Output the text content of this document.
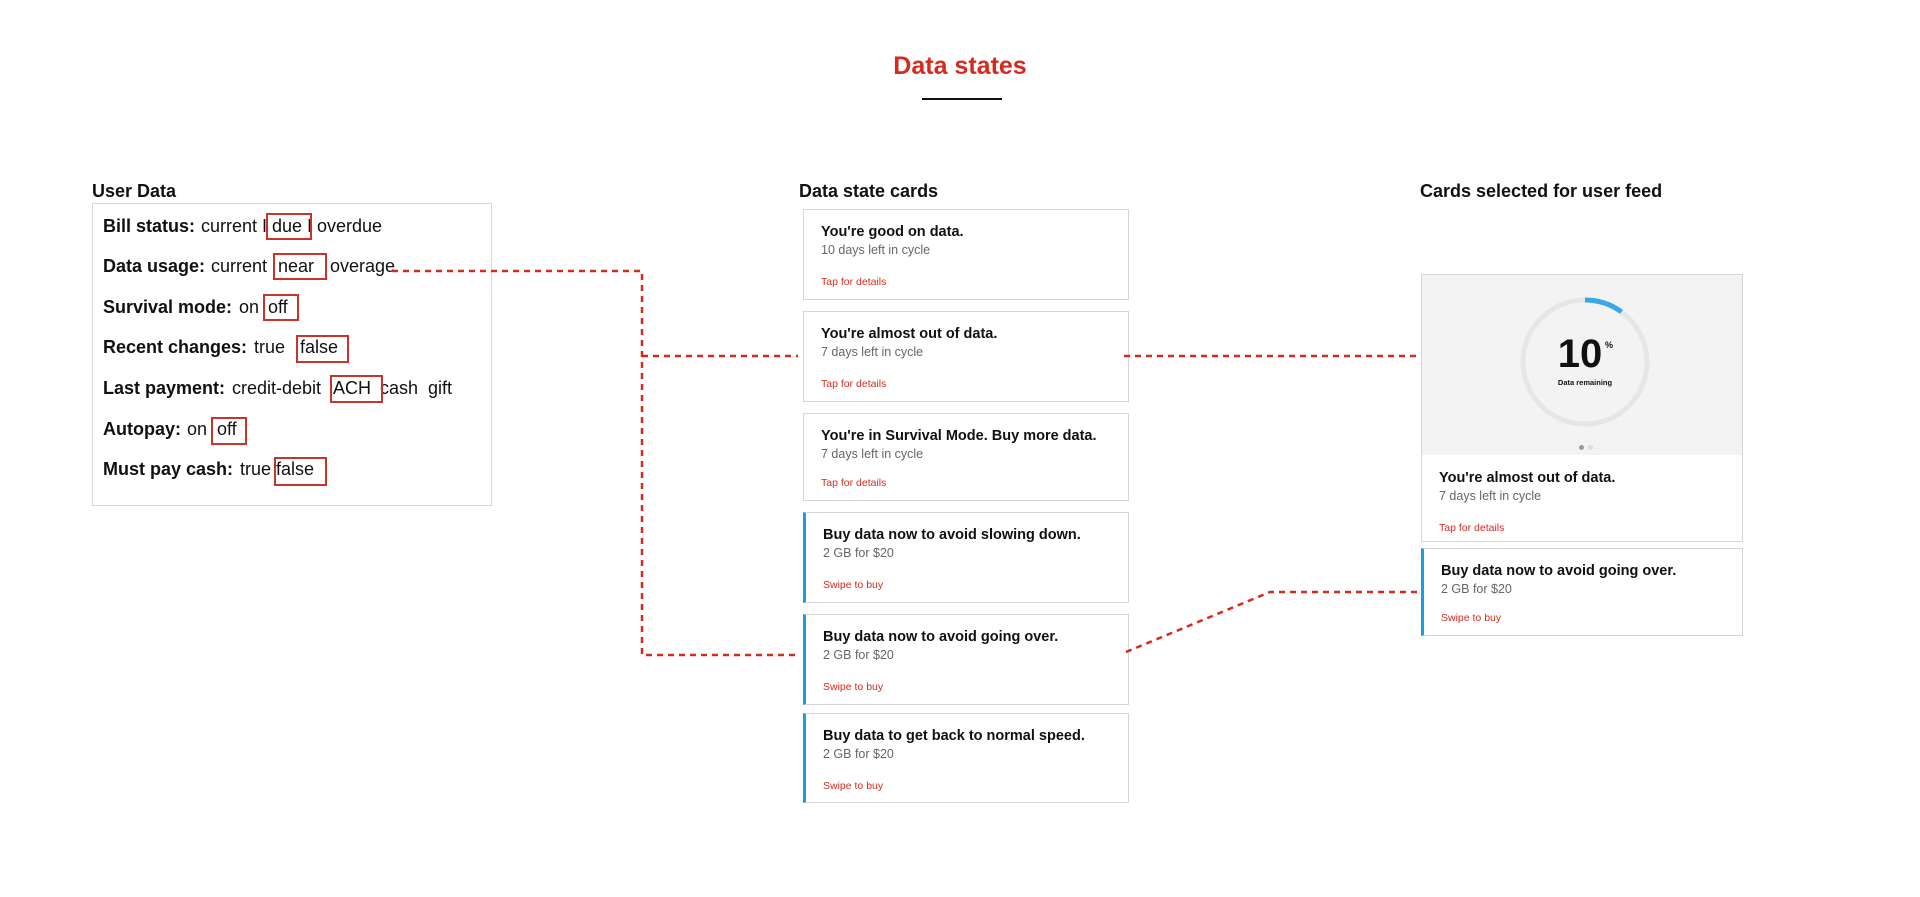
Data states
User Data	Data state cards	Cards selected for user feed
Bill status: current I due I overdue
Data usage: current near overage
Survival mode: on off
Recent changes: true false
Last payment: credit-debit ACH cash gift
Autopay: on off
Must pay cash: true false
You're good on data.
10 days left in cycle
Tap for details
You're almost out of data.
7 days left in cycle
Tap for details
You're in Survival Mode. Buy more data.
7 days left in cycle
Tap for details
Buy data now to avoid slowing down.
2 GB for $20
Swipe to buy
Buy data now to avoid going over.
2 GB for $20
Swipe to buy
Buy data to get back to normal speed.
2 GB for $20
Swipe to buy
10 %
Data remaining
You're almost out of data.
7 days left in cycle
Tap for details
Buy data now to avoid going over.
2 GB for $20
Swipe to buy
